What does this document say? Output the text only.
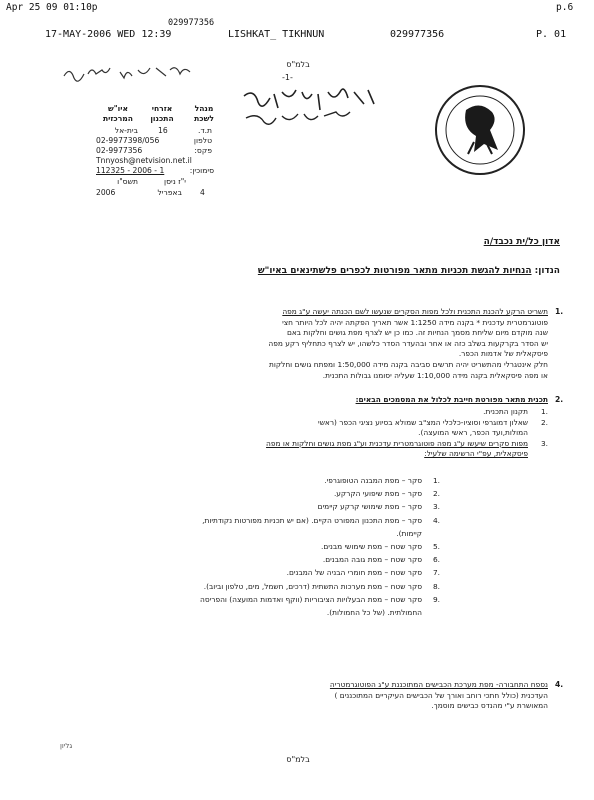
Apr 25 09 01:10p
029977356
p.6
17-MAY-2006 WED 12:39	LISHKAT_ TIKHNUN	029977356	P. 01
בלמ"ס
-1-
מנהל
לשכת
אזרחי
התכנון
איו"ש
המרכזית
ת.ד.
16
בית-אל
טלפון
02-9977398/056
פקס:
02-9977356
Tnnyosh@netvision.net.il
112325 - 2006 - 1	סימוכין:
י"ז ניסן
תשס"ו
4
באפריל
2006
אדון כל/ית נכבד/ה
הנדון: הנחיות להגשת תכניות מתאר מפורטות לכפרים פלשתינאים באיו"ש
1.
תשריט הרקע להכנת התכנית ולכל מפות הסקרים שנעשו לשם הכנתה יעשה ע"ג מפה
פוטוגרמטרית עדכנית * בקנה מידה 1:1250 אשר תאריך הפקתה יהיה לכל היותר חצי
שנה מוקדם מיום שליחת מסמך הנחיות זה. כמו כן יש לצרף מפת גושים וחלקות באם
יש הסדר בקרקעות בשלב כזה או אחר ובהעדר הסדר כלשהו, יש לצרף כתחליף רקע מפה
פיסקאלית של אדמות הכפר.
חלק אינטגרלי מהתשריט יהיה תרשים סביבה בקנה מידה 1:50,000 ומפתח גושים וחלקות
או מפה פיסקאלית בקנה מידה 1:10,000 שעליה יסומנו גבולות התכנית.
2.
תכנית מתאר מפורטת חייבת לכלול את המסמכים הבאים:
1.
תקנון התכנית.
2.
שאלון דמוגרפי וסוציו-כלכלי המצ"ב שמולא בסיוע נציגי הכפר (ראשי
המולות,ועד הכפר, ראשי המועצה).
3.
מפות סקרים שיעשו ע"ג מפה פוטוגרמטרית עדכנית וע"ג מפת גושים וחלקות או מפה
פיסקאלית, עפ"י הרשימה שלעיל:
1.
סקר – מפת המבנה הטופוגרפי.
2.
סקר – מפת שיפועי הקרקע.
3.
סקר – מפת שימושי קרקע קיימים
4.
סקר – מפת התכנון המפורט הקיים. (אם יש תכניות מפורטות נקודתיות,
קיימות).
5.
סקר שטח – מפת שימושי מבנים.
6.
סקר שטח – מפת גובה המבנים.
7.
סקר שטח – מפת חומרי הבניה של המבנים.
8.
סקר שטח – מפת מערכות התשתית (דרכים, חשמל, מים, טלפון וביוב).
9.
סקר שטח – מפת הבעלויות הציבוריות (ווקף ואדמות המועצה) והפריסה
החמולתית. (של כל החמולות).
4.
נספח התחבורה- מפת מערכת הכבישים המתוכננת ע"ג הפוטוגרמטריה
העדכנית (כולל חתכי רוחב ואורך של הכבישים העיקריים המתוכננים )
המאושרת ע"י מהנדס כבישים מוסמך.
גליון
בלמ"ס
